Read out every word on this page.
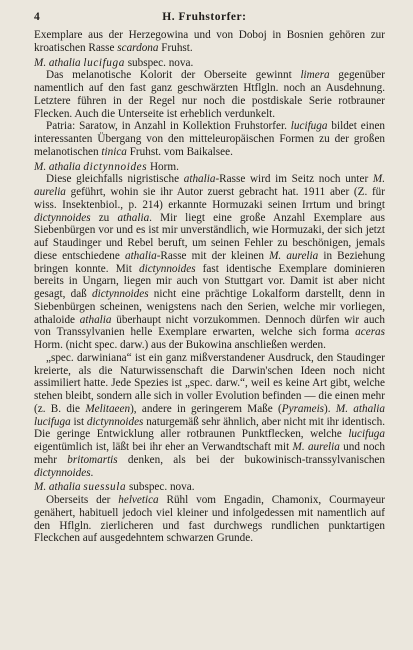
4	H. Fruhstorfer:

Exemplare aus der Herzegowina und von Doboj in Bosnien gehören zur kroatischen Rasse scardona Fruhst.

M. athalia lucifuga subspec. nova.

Das melanotische Kolorit der Oberseite gewinnt limera gegenüber namentlich auf den fast ganz geschwärzten Htflgln. noch an Ausdehnung. Letztere führen in der Regel nur noch die postdiskale Serie rotbrauner Flecken. Auch die Unterseite ist erheblich verdunkelt.

Patria: Saratow, in Anzahl in Kollektion Fruhstorfer. lucifuga bildet einen interessanten Übergang von den mitteleuropäischen Formen zu der großen melanotischen tinica Fruhst. vom Baikalsee.

M. athalia dictynnoides Horm.

Diese gleichfalls nigristische athalia-Rasse wird im Seitz noch unter M. aurelia geführt, wohin sie ihr Autor zuerst gebracht hat. 1911 aber (Z. für wiss. Insektenbiol., p. 214) erkannte Hormuzaki seinen Irrtum und bringt dictynnoides zu athalia. Mir liegt eine große Anzahl Exemplare aus Siebenbürgen vor und es ist mir unverständlich, wie Hormuzaki, der sich jetzt auf Staudinger und Rebel beruft, um seinen Fehler zu beschönigen, jemals diese entschiedene athalia-Rasse mit der kleinen M. aurelia in Beziehung bringen konnte. Mit dictynnoides fast identische Exemplare dominieren bereits in Ungarn, liegen mir auch von Stuttgart vor. Damit ist aber nicht gesagt, daß dictynnoides nicht eine prächtige Lokalform darstellt, denn in Siebenbürgen scheinen, wenigstens nach den Serien, welche mir vorliegen, athaloide athalia überhaupt nicht vorzukommen. Dennoch dürfen wir auch von Transsylvanien helle Exemplare erwarten, welche sich forma aceras Horm. (nicht spec. darw.) aus der Bukowina anschließen werden.

„spec. darwiniana“ ist ein ganz mißverstandener Ausdruck, den Staudinger kreierte, als die Naturwissenschaft die Darwin'schen Ideen noch nicht assimiliert hatte. Jede Spezies ist „spec. darw.“, weil es keine Art gibt, welche stehen bleibt, sondern alle sich in voller Evolution befinden — die einen mehr (z. B. die Melitaeen), andere in geringerem Maße (Pyrameis). M. athalia lucifuga ist dictynnoides naturgemäß sehr ähnlich, aber nicht mit ihr identisch. Die geringe Entwicklung aller rotbraunen Punktflecken, welche lucifuga eigentümlich ist, läßt bei ihr eher an Verwandtschaft mit M. aurelia und noch mehr britomartis denken, als bei der bukowinisch-transsylvanischen dictynnoides.

M. athalia suessula subspec. nova.

Oberseits der helvetica Rühl vom Engadin, Chamonix, Courmayeur genähert, habituell jedoch viel kleiner und infolgedessen mit namentlich auf den Hflgln. zierlicheren und fast durchwegs rundlichen punktartigen Fleckchen auf ausgedehntem schwarzen Grunde.
